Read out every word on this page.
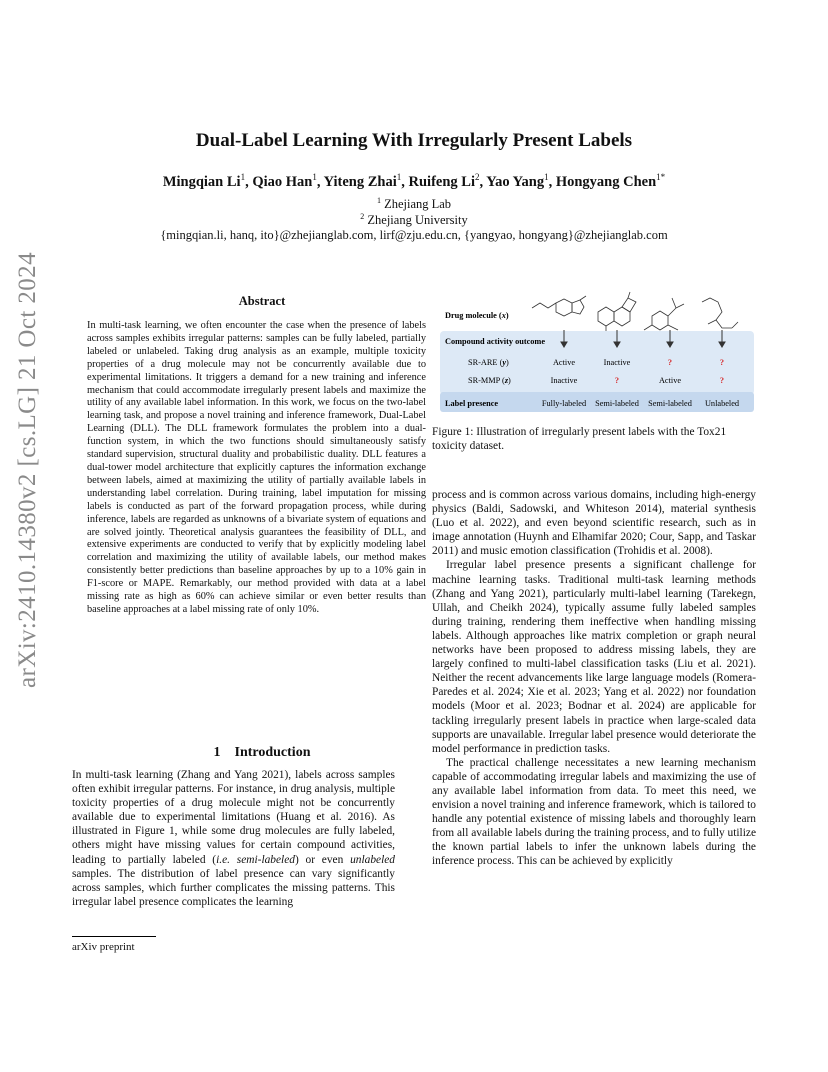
arXiv:2410.14380v2 [cs.LG] 21 Oct 2024
Dual-Label Learning With Irregularly Present Labels
Mingqian Li$^1$, Qiao Han$^1$, Yiteng Zhai$^1$, Ruifeng Li$^2$, Yao Yang$^1$, Hongyang Chen$^{1*}$
$^1$ Zhejiang Lab
$^2$ Zhejiang University
{mingqian.li, hanq, ito}@zhejianglab.com, lirf@zju.edu.cn, {yangyao, hongyang}@zhejianglab.com
Abstract
In multi-task learning, we often encounter the case when the presence of labels across samples exhibits irregular patterns: samples can be fully labeled, partially labeled or unlabeled. Taking drug analysis as an example, multiple toxicity properties of a drug molecule may not be concurrently available due to experimental limitations. It triggers a demand for a new training and inference mechanism that could accommodate irregularly present labels and maximize the utility of any available label information. In this work, we focus on the two-label learning task, and propose a novel training and inference framework, Dual-Label Learning (DLL). The DLL framework formulates the problem into a dual-function system, in which the two functions should simultaneously satisfy standard supervision, structural duality and probabilistic duality. DLL features a dual-tower model architecture that explicitly captures the information exchange between labels, aimed at maximizing the utility of partially available labels in understanding label correlation. During training, label imputation for missing labels is conducted as part of the forward propagation process, while during inference, labels are regarded as unknowns of a bivariate system of equations and are solved jointly. Theoretical analysis guarantees the feasibility of DLL, and extensive experiments are conducted to verify that by explicitly modeling label correlation and maximizing the utility of available labels, our method makes consistently better predictions than baseline approaches by up to a 10% gain in F1-score or MAPE. Remarkably, our method provided with data at a label missing rate as high as 60% can achieve similar or even better results than baseline approaches at a label missing rate of only 10%.
1 Introduction
In multi-task learning (Zhang and Yang 2021), labels across samples often exhibit irregular patterns. For instance, in drug analysis, multiple toxicity properties of a drug molecule might not be concurrently available due to experimental limitations (Huang et al. 2016). As illustrated in Figure 1, while some drug molecules are fully labeled, others might have missing values for certain compound activities, leading to partially labeled (i.e. semi-labeled) or even unlabeled samples. The distribution of label presence can vary significantly across samples, which further complicates the missing patterns. This irregular label presence complicates the learning
arXiv preprint
Drug molecule (x)
Compound activity outcome
SR-ARE (y)	Active	Inactive	?	?
SR-MMP (z)	Inactive	?	Active	?
Label presence	Fully-labeled Semi-labeled Semi-labeled Unlabeled
Figure 1: Illustration of irregularly present labels with the Tox21 toxicity dataset.

process and is common across various domains, including high-energy physics (Baldi, Sadowski, and Whiteson 2014), material synthesis (Luo et al. 2022), and even beyond scientific research, such as in image annotation (Huynh and Elhamifar 2020; Cour, Sapp, and Taskar 2011) and music emotion classification (Trohidis et al. 2008).

Irregular label presence presents a significant challenge for machine learning tasks. Traditional multi-task learning methods (Zhang and Yang 2021), particularly multi-label learning (Tarekegn, Ullah, and Cheikh 2024), typically assume fully labeled samples during training, rendering them ineffective when handling missing labels. Although approaches like matrix completion or graph neural networks have been proposed to address missing labels, they are largely confined to multi-label classification tasks (Liu et al. 2021). Neither the recent advancements like large language models (Romera-Paredes et al. 2024; Xie et al. 2023; Yang et al. 2022) nor foundation models (Moor et al. 2023; Bodnar et al. 2024) are applicable for tackling irregularly present labels in practice when large-scaled data supports are unavailable. Irregular label presence would deteriorate the model performance in prediction tasks.

The practical challenge necessitates a new learning mechanism capable of accommodating irregular labels and maximizing the use of any available label information from data. To meet this need, we envision a novel training and inference framework, which is tailored to handle any potential existence of missing labels and thoroughly learn from all available labels during the training process, and to fully utilize the known partial labels to infer the unknown labels during the inference process. This can be achieved by explicitly
